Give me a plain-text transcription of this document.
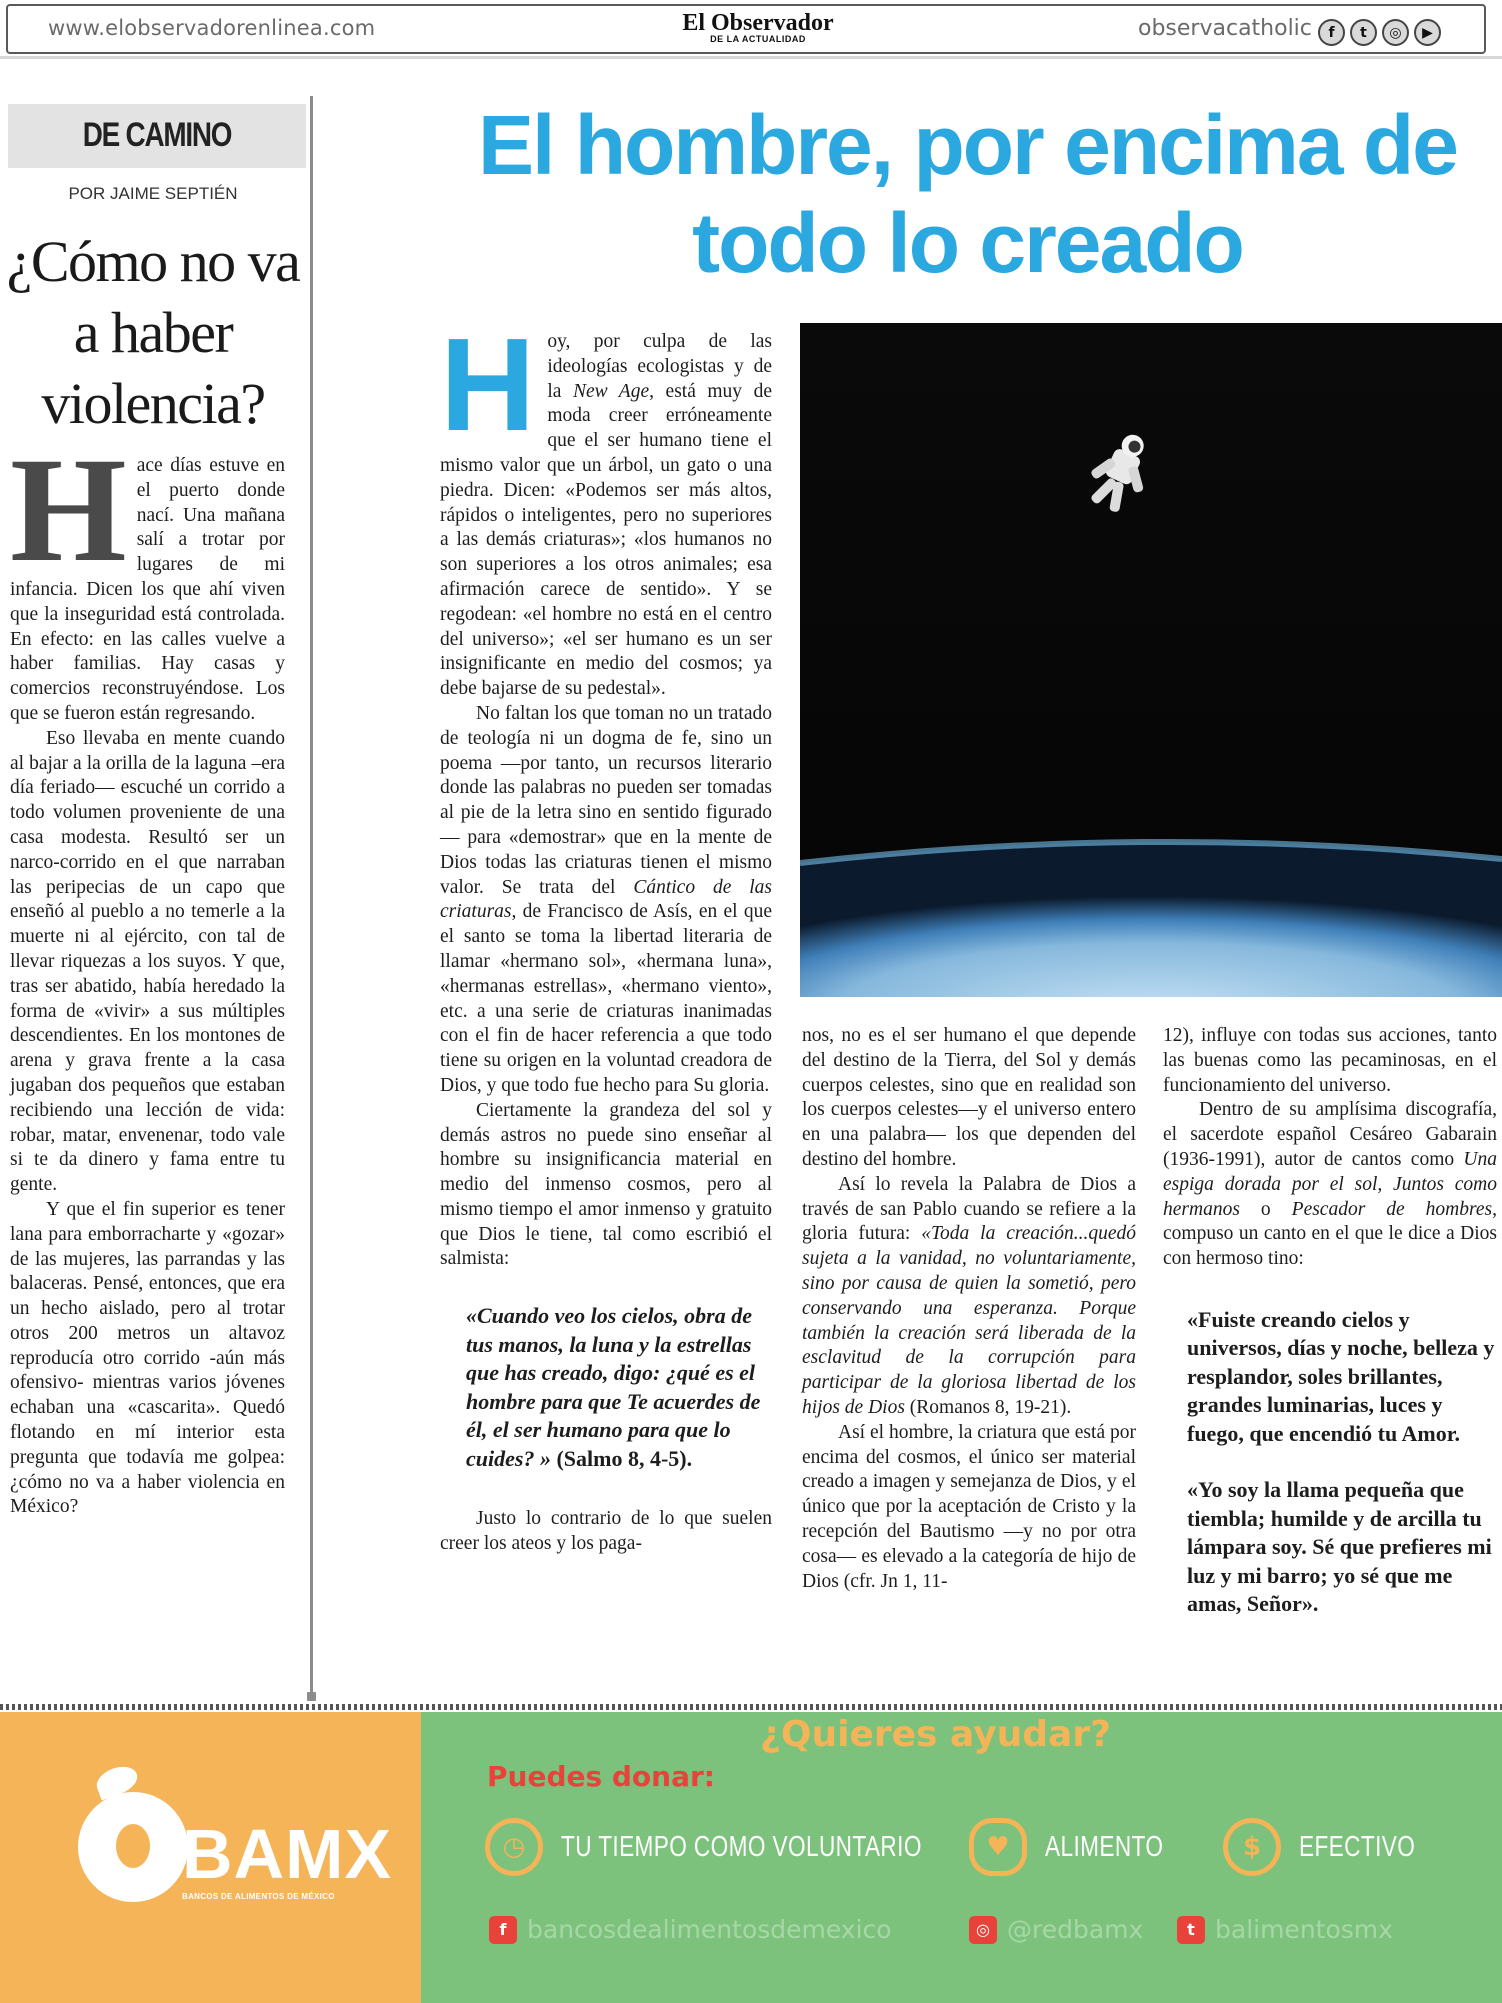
www.elobservadorenlinea.com	El Observador
DE LA ACTUALIDAD	observacatholic	f	t	◎	▶
DE CAMINO
POR JAIME SEPTIÉN
¿Cómo no va a haber violencia?

Hace días estuve en el puerto donde nací. Una mañana salí a trotar por lugares de mi infancia. Dicen los que ahí viven que la inseguridad está controlada. En efecto: en las calles vuelve a haber familias. Hay casas y comercios reconstruyéndose. Los que se fueron están regresando.

Eso llevaba en mente cuando al bajar a la orilla de la laguna –era día feriado— escuché un corrido a todo volumen proveniente de una casa modesta. Resultó ser un narco-corrido en el que narraban las peripecias de un capo que enseñó al pueblo a no temerle a la muerte ni al ejército, con tal de llevar riquezas a los suyos. Y que, tras ser abatido, había heredado la forma de «vivir» a sus múltiples descendientes. En los montones de arena y grava frente a la casa jugaban dos pequeños que estaban recibiendo una lección de vida: robar, matar, envenenar, todo vale si te da dinero y fama entre tu gente.

Y que el fin superior es tener lana para emborracharte y «gozar» de las mujeres, las parrandas y las balaceras. Pensé, entonces, que era un hecho aislado, pero al trotar otros 200 metros un altavoz reproducía otro corrido -aún más ofensivo- mientras varios jóvenes echaban una «cascarita». Quedó flotando en mí interior esta pregunta que todavía me golpea: ¿cómo no va a haber violencia en México?

El hombre, por encima de todo lo creado

Hoy, por culpa de las ideologías ecologistas y de la New Age, está muy de moda creer erróneamente que el ser humano tiene el mismo valor que un árbol, un gato o una piedra. Dicen: «Podemos ser más altos, rápidos o inteligentes, pero no superiores a las demás criaturas»; «los humanos no son superiores a los otros animales; esa afirmación carece de sentido». Y se regodean: «el hombre no está en el centro del universo»; «el ser humano es un ser insignificante en medio del cosmos; ya debe bajarse de su pedestal».

No faltan los que toman no un tratado de teología ni un dogma de fe, sino un poema —por tanto, un recursos literario donde las palabras no pueden ser tomadas al pie de la letra sino en sentido figurado— para «demostrar» que en la mente de Dios todas las criaturas tienen el mismo valor. Se trata del Cántico de las criaturas, de Francisco de Asís, en el que el santo se toma la libertad literaria de llamar «hermano sol», «hermana luna», «hermanas estrellas», «hermano viento», etc. a una serie de criaturas inanimadas con el fin de hacer referencia a que todo tiene su origen en la voluntad creadora de Dios, y que todo fue hecho para Su gloria.

Ciertamente la grandeza del sol y demás astros no puede sino enseñar al hombre su insignificancia material en medio del inmenso cosmos, pero al mismo tiempo el amor inmenso y gratuito que Dios le tiene, tal como escribió el salmista:

«Cuando veo los cielos, obra de tus manos, la luna y la estrellas que has creado, digo: ¿qué es el hombre para que Te acuerdes de él, el ser humano para que lo cuides? » (Salmo 8, 4-5).

Justo lo contrario de lo que suelen creer los ateos y los paga-

nos, no es el ser humano el que depende del destino de la Tierra, del Sol y demás cuerpos celestes, sino que en realidad son los cuerpos celestes—y el universo entero en una palabra— los que dependen del destino del hombre.

Así lo revela la Palabra de Dios a través de san Pablo cuando se refiere a la gloria futura: «Toda la creación...quedó sujeta a la vanidad, no voluntariamente, sino por causa de quien la sometió, pero conservando una esperanza. Porque también la creación será liberada de la esclavitud de la corrupción para participar de la gloriosa libertad de los hijos de Dios (Romanos 8, 19-21).

Así el hombre, la criatura que está por encima del cosmos, el único ser material creado a imagen y semejanza de Dios, y el único que por la aceptación de Cristo y la recepción del Bautismo —y no por otra cosa— es elevado a la categoría de hijo de Dios (cfr. Jn 1, 11-

12), influye con todas sus acciones, tanto las buenas como las pecaminosas, en el funcionamiento del universo.

Dentro de su amplísima discografía, el sacerdote español Cesáreo Gabarain (1936-1991), autor de cantos como Una espiga dorada por el sol, Juntos como hermanos o Pescador de hombres, compuso un canto en el que le dice a Dios con hermoso tino:

«Fuiste creando cielos y universos, días y noche, belleza y resplandor, soles brillantes, grandes luminarias, luces y fuego, que encendió tu Amor.

«Yo soy la llama pequeña que tiembla; humilde y de arcilla tu lámpara soy. Sé que prefieres mi luz y mi barro; yo sé que me amas, Señor».

BAMX
BANCOS DE ALIMENTOS DE MÉXICO
¿Quieres ayudar?
Puedes donar:
◷	TU TIEMPO COMO VOLUNTARIO	♥	ALIMENTO	$	EFECTIVO
f bancosdealimentosdemexico	◎ @redbamx	t balimentosmx
